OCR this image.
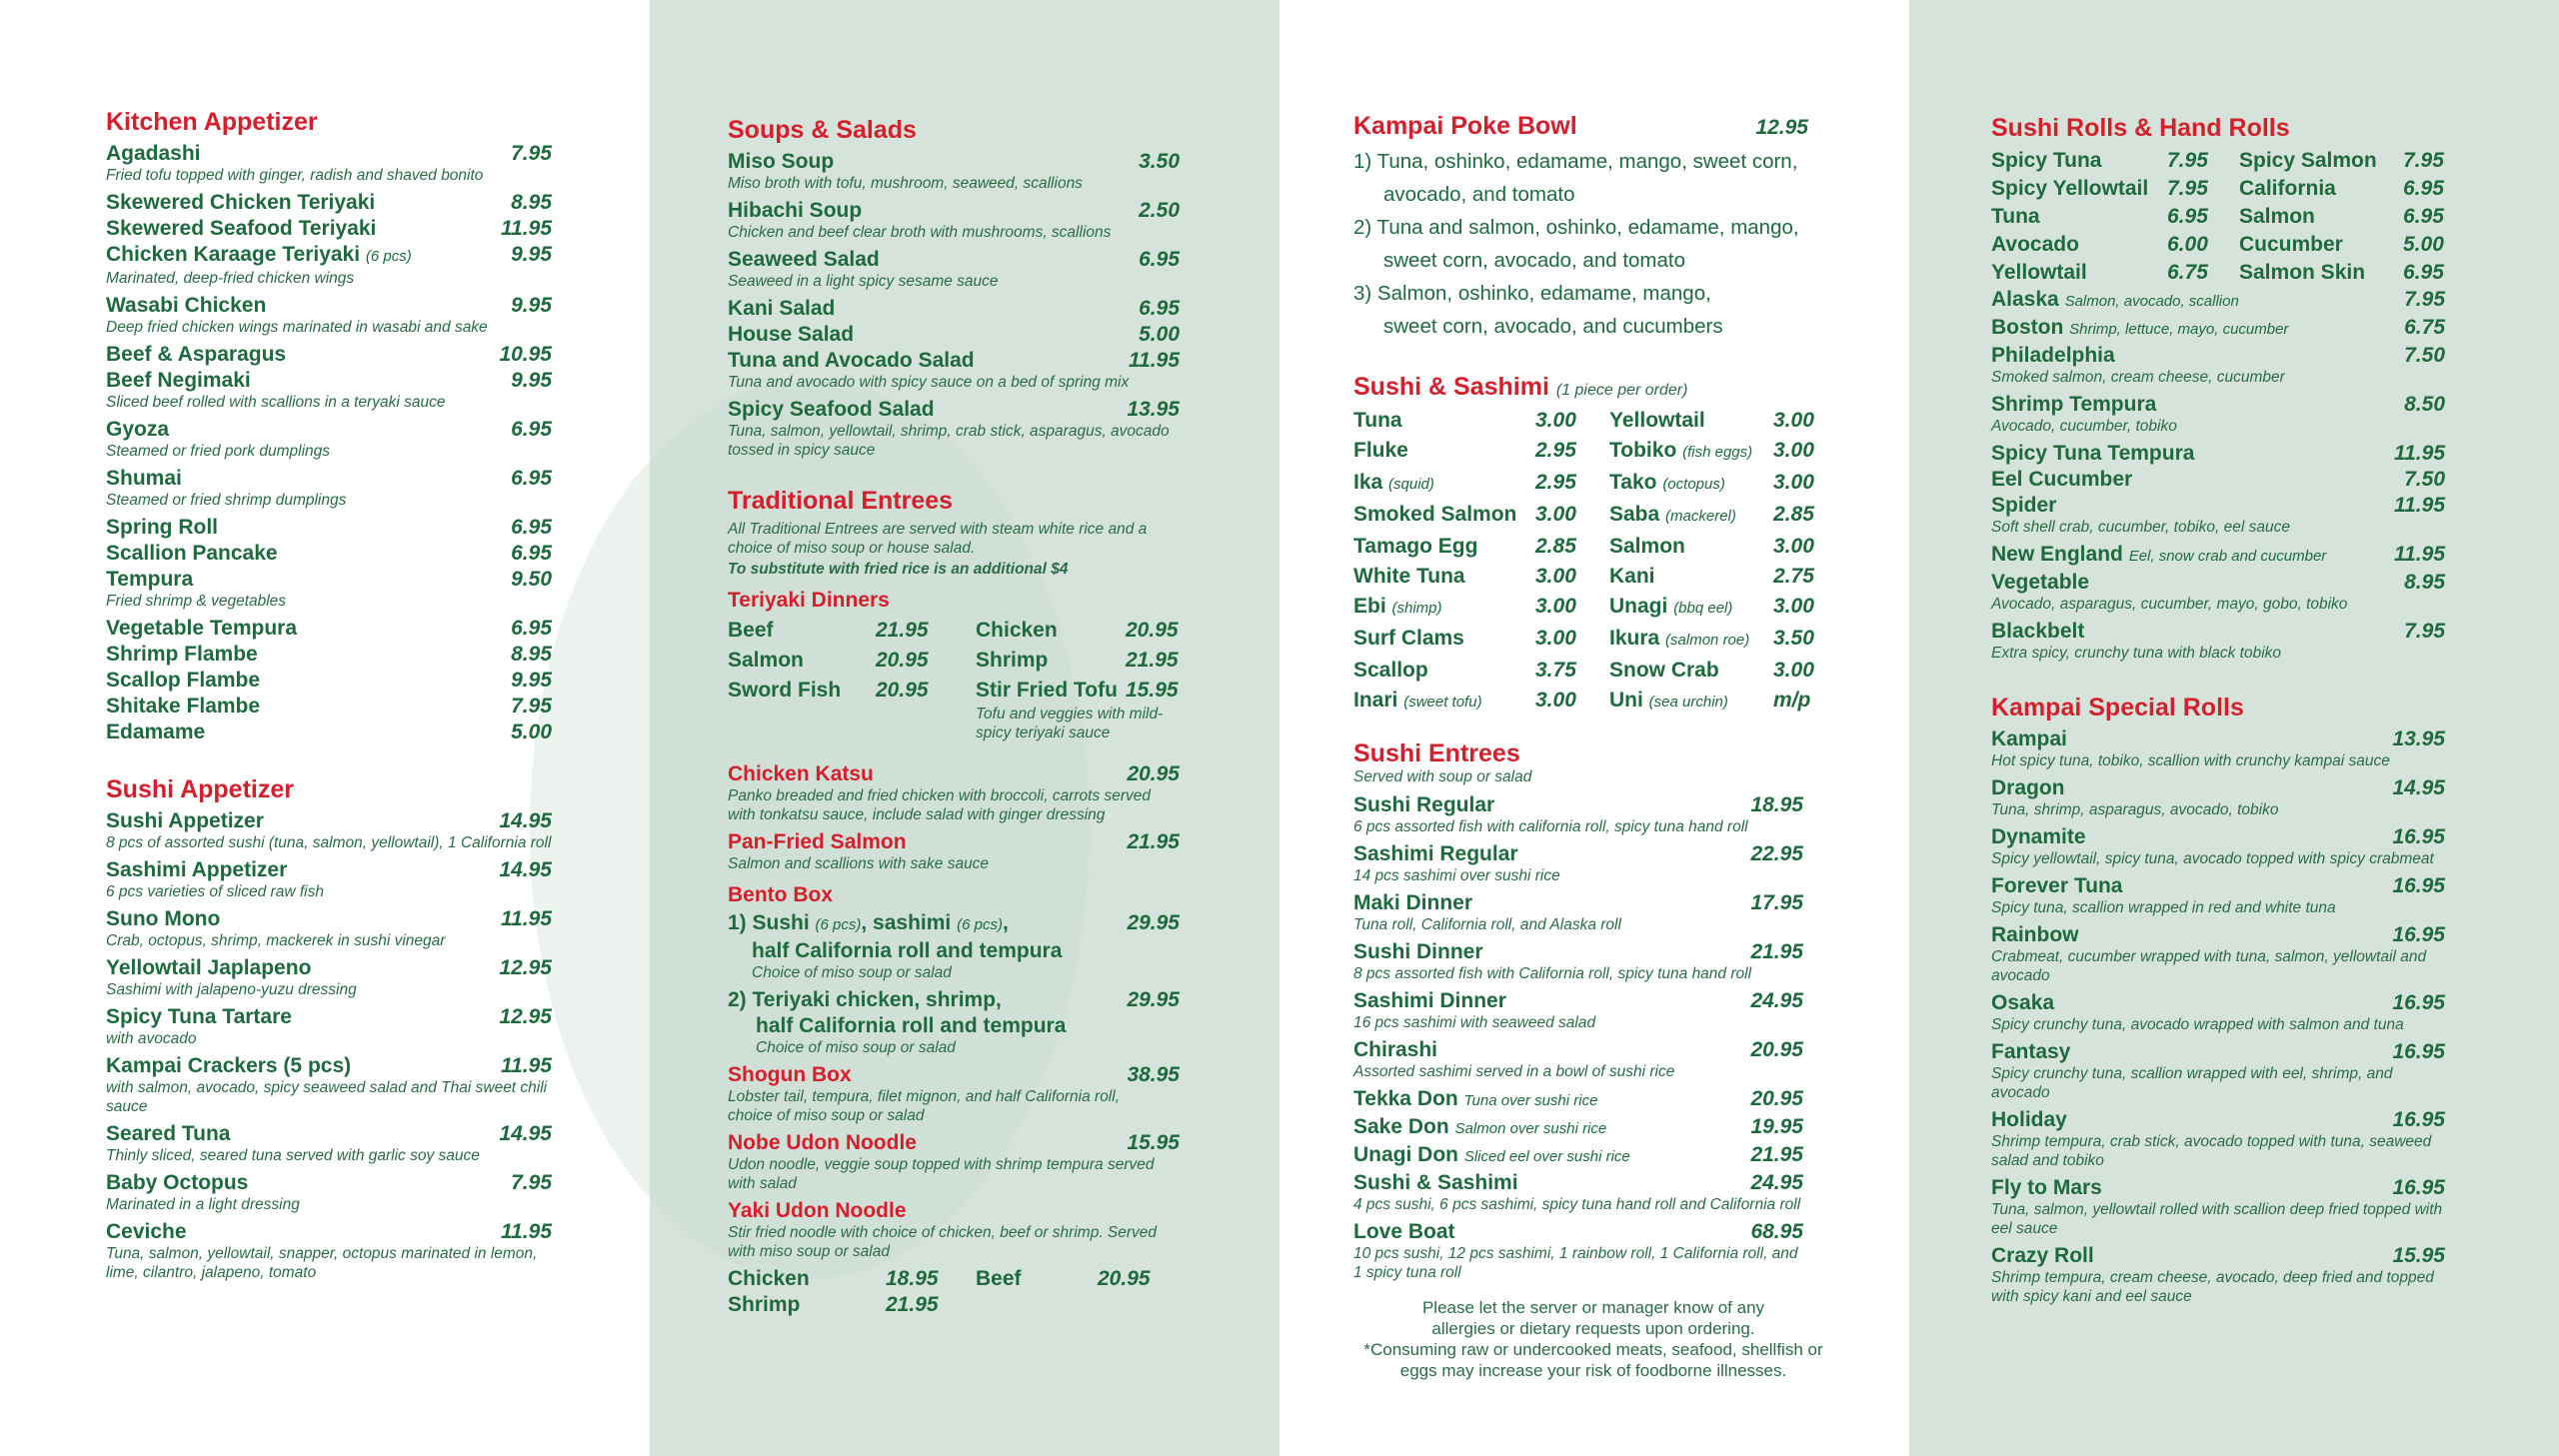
Kitchen Appetizer
Agadashi	7.95
Fried tofu topped with ginger, radish and shaved bonito
Skewered Chicken Teriyaki	8.95
Skewered Seafood Teriyaki	11.95
Chicken Karaage Teriyaki (6 pcs)	9.95
Marinated, deep-fried chicken wings
Wasabi Chicken	9.95
Deep fried chicken wings marinated in wasabi and sake
Beef & Asparagus	10.95
Beef Negimaki	9.95
Sliced beef rolled with scallions in a teryaki sauce
Gyoza	6.95
Steamed or fried pork dumplings
Shumai	6.95
Steamed or fried shrimp dumplings
Spring Roll	6.95
Scallion Pancake	6.95
Tempura	9.50
Fried shrimp & vegetables
Vegetable Tempura	6.95
Shrimp Flambe	8.95
Scallop Flambe	9.95
Shitake Flambe	7.95
Edamame	5.00
Sushi Appetizer
Sushi Appetizer	14.95
8 pcs of assorted sushi (tuna, salmon, yellowtail), 1 California roll
Sashimi Appetizer	14.95
6 pcs varieties of sliced raw fish
Suno Mono	11.95
Crab, octopus, shrimp, mackerek in sushi vinegar
Yellowtail Japlapeno	12.95
Sashimi with jalapeno-yuzu dressing
Spicy Tuna Tartare	12.95
with avocado
Kampai Crackers (5 pcs)	11.95
with salmon, avocado, spicy seaweed salad and Thai sweet chili sauce
Seared Tuna	14.95
Thinly sliced, seared tuna served with garlic soy sauce
Baby Octopus	7.95
Marinated in a light dressing
Ceviche	11.95
Tuna, salmon, yellowtail, snapper, octopus marinated in lemon, lime, cilantro, jalapeno, tomato
Soups & Salads
Miso Soup	3.50
Miso broth with tofu, mushroom, seaweed, scallions
Hibachi Soup	2.50
Chicken and beef clear broth with mushrooms, scallions
Seaweed Salad	6.95
Seaweed in a light spicy sesame sauce
Kani Salad	6.95
House Salad	5.00
Tuna and Avocado Salad	11.95
Tuna and avocado with spicy sauce on a bed of spring mix
Spicy Seafood Salad	13.95
Tuna, salmon, yellowtail, shrimp, crab stick, asparagus, avocado tossed in spicy sauce
Traditional Entrees
All Traditional Entrees are served with steam white rice and a choice of miso soup or house salad.
To substitute with fried rice is an additional $4
Teriyaki Dinners
Beef	21.95	Chicken	20.95
Salmon	20.95	Shrimp	21.95
Sword Fish	20.95	Stir Fried Tofu 15.95
Tofu and veggies with mild-spicy teriyaki sauce
Chicken Katsu	20.95
Panko breaded and fried chicken with broccoli, carrots served with tonkatsu sauce, include salad with ginger dressing
Pan-Fried Salmon	21.95
Salmon and scallions with sake sauce
Bento Box
1) Sushi (6 pcs), sashimi (6 pcs),	29.95
half California roll and tempura
Choice of miso soup or salad
2) Teriyaki chicken, shrimp,	29.95
half California roll and tempura
Choice of miso soup or salad
Shogun Box	38.95
Lobster tail, tempura, filet mignon, and half California roll, choice of miso soup or salad
Nobe Udon Noodle	15.95
Udon noodle, veggie soup topped with shrimp tempura served with salad
Yaki Udon Noodle
Stir fried noodle with choice of chicken, beef or shrimp. Served with miso soup or salad
Chicken	18.95	Beef	20.95
Shrimp	21.95
Kampai Poke Bowl	12.95
1) Tuna, oshinko, edamame, mango, sweet corn,
avocado, and tomato
2) Tuna and salmon, oshinko, edamame, mango,
sweet corn, avocado, and tomato
3) Salmon, oshinko, edamame, mango,
sweet corn, avocado, and cucumbers
Sushi & Sashimi (1 piece per order)
Tuna	3.00	Yellowtail	3.00
Fluke	2.95	Tobiko (fish eggs) 3.00
Ika (squid)	2.95	Tako (octopus)	3.00
Smoked Salmon 3.00	Saba (mackerel)	2.85
Tamago Egg	2.85	Salmon	3.00
White Tuna	3.00	Kani	2.75
Ebi (shimp)	3.00	Unagi (bbq eel)	3.00
Surf Clams	3.00	Ikura (salmon roe)	3.50
Scallop	3.75	Snow Crab	3.00
Inari (sweet tofu)	3.00	Uni (sea urchin)	m/p
Sushi Entrees
Served with soup or salad
Sushi Regular	18.95
6 pcs assorted fish with california roll, spicy tuna hand roll
Sashimi Regular	22.95
14 pcs sashimi over sushi rice
Maki Dinner	17.95
Tuna roll, California roll, and Alaska roll
Sushi Dinner	21.95
8 pcs assorted fish with California roll, spicy tuna hand roll
Sashimi Dinner	24.95
16 pcs sashimi with seaweed salad
Chirashi	20.95
Assorted sashimi served in a bowl of sushi rice
Tekka Don Tuna over sushi rice	20.95
Sake Don Salmon over sushi rice	19.95
Unagi Don Sliced eel over sushi rice	21.95
Sushi & Sashimi	24.95
4 pcs sushi, 6 pcs sashimi, spicy tuna hand roll and California roll
Love Boat	68.95
10 pcs sushi, 12 pcs sashimi, 1 rainbow roll, 1 California roll, and 1 spicy tuna roll
Please let the server or manager know of any
allergies or dietary requests upon ordering.
*Consuming raw or undercooked meats, seafood, shellfish or
eggs may increase your risk of foodborne illnesses.
Sushi Rolls & Hand Rolls
Spicy Tuna	7.95	Spicy Salmon	7.95
Spicy Yellowtail 7.95	California	6.95
Tuna	6.95	Salmon	6.95
Avocado	6.00	Cucumber	5.00
Yellowtail	6.75	Salmon Skin	6.95
Alaska Salmon, avocado, scallion	7.95
Boston Shrimp, lettuce, mayo, cucumber	6.75
Philadelphia	7.50
Smoked salmon, cream cheese, cucumber
Shrimp Tempura	8.50
Avocado, cucumber, tobiko
Spicy Tuna Tempura	11.95
Eel Cucumber	7.50
Spider	11.95
Soft shell crab, cucumber, tobiko, eel sauce
New England Eel, snow crab and cucumber	11.95
Vegetable	8.95
Avocado, asparagus, cucumber, mayo, gobo, tobiko
Blackbelt	7.95
Extra spicy, crunchy tuna with black tobiko
Kampai Special Rolls
Kampai	13.95
Hot spicy tuna, tobiko, scallion with crunchy kampai sauce
Dragon	14.95
Tuna, shrimp, asparagus, avocado, tobiko
Dynamite	16.95
Spicy yellowtail, spicy tuna, avocado topped with spicy crabmeat
Forever Tuna	16.95
Spicy tuna, scallion wrapped in red and white tuna
Rainbow	16.95
Crabmeat, cucumber wrapped with tuna, salmon, yellowtail and avocado
Osaka	16.95
Spicy crunchy tuna, avocado wrapped with salmon and tuna
Fantasy	16.95
Spicy crunchy tuna, scallion wrapped with eel, shrimp, and avocado
Holiday	16.95
Shrimp tempura, crab stick, avocado topped with tuna, seaweed salad and tobiko
Fly to Mars	16.95
Tuna, salmon, yellowtail rolled with scallion deep fried topped with eel sauce
Crazy Roll	15.95
Shrimp tempura, cream cheese, avocado, deep fried and topped with spicy kani and eel sauce
